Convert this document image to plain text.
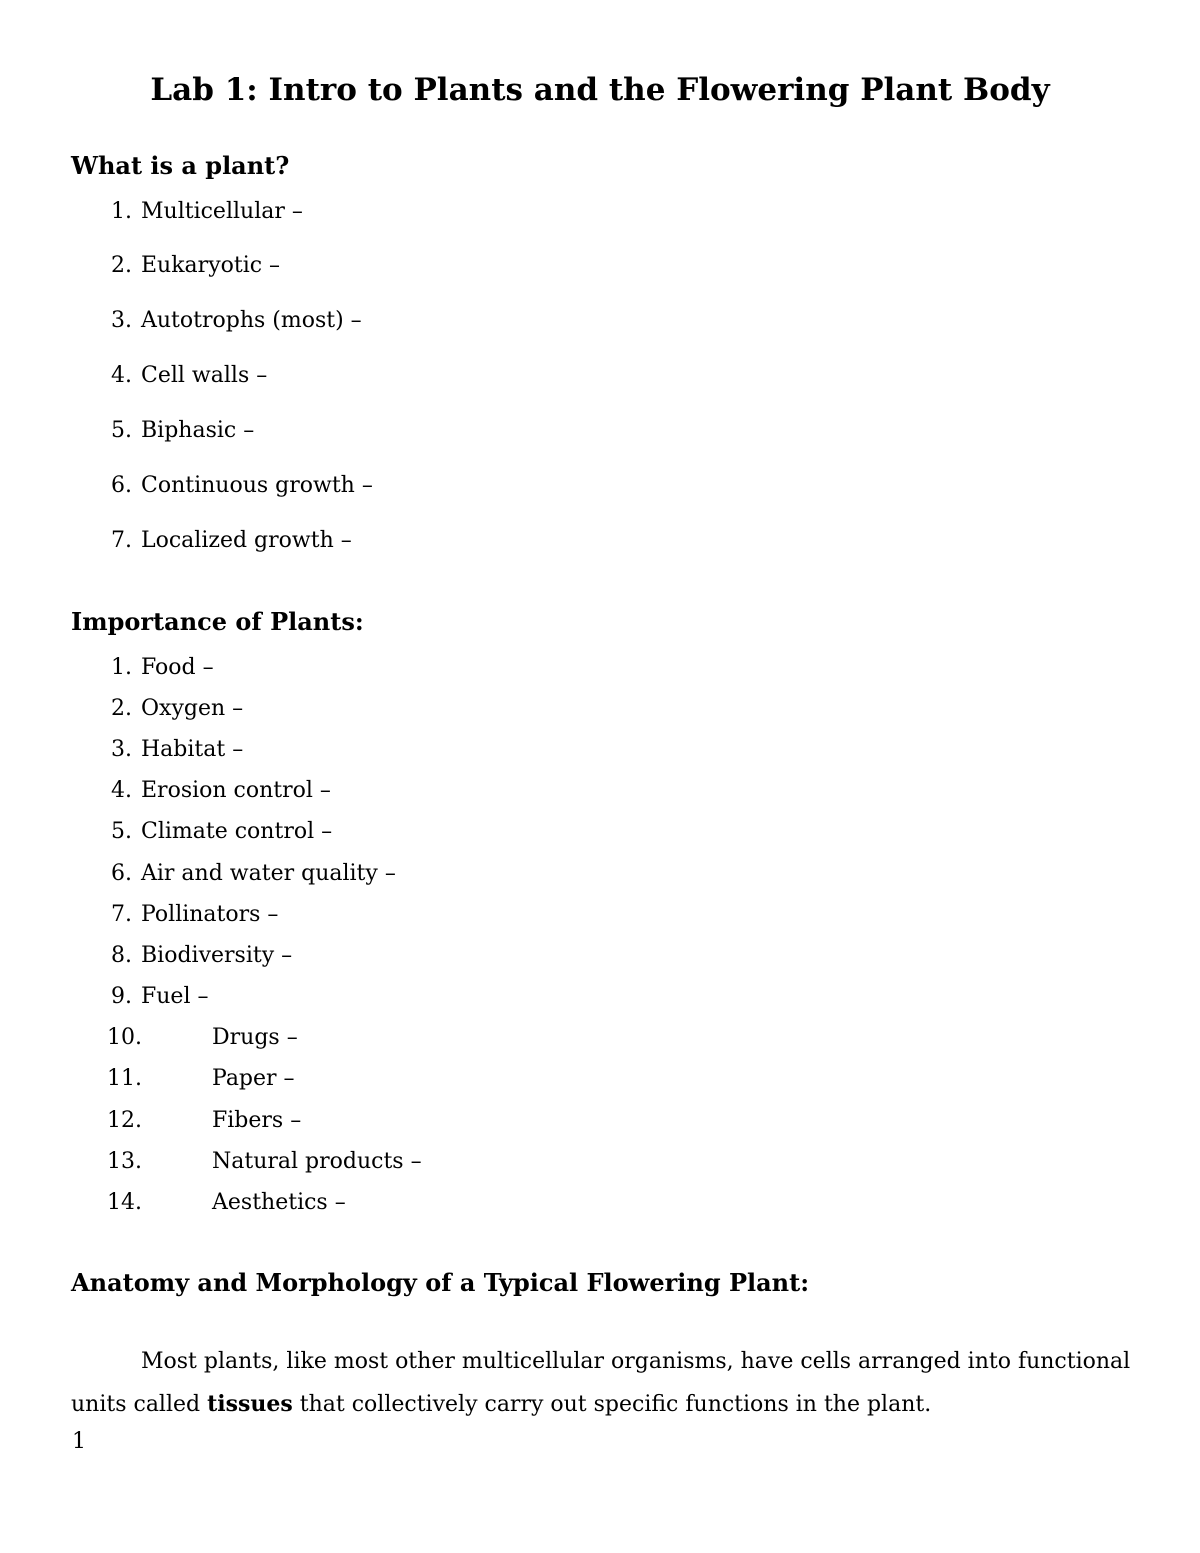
Lab 1: Intro to Plants and the Flowering Plant Body
What is a plant?
1. Multicellular –
2. Eukaryotic –
3. Autotrophs (most) –
4. Cell walls –
5. Biphasic –
6. Continuous growth –
7. Localized growth –
Importance of Plants:
1. Food –
2. Oxygen –
3. Habitat –
4. Erosion control –
5. Climate control –
6. Air and water quality –
7. Pollinators –
8. Biodiversity –
9. Fuel –
10.	Drugs –
11.	Paper –
12.	Fibers –
13.	Natural products –
14.	Aesthetics –
Anatomy and Morphology of a Typical Flowering Plant:

Most plants, like most other multicellular organisms, have cells arranged into functional units called tissues that collectively carry out specific functions in the plant.

1
